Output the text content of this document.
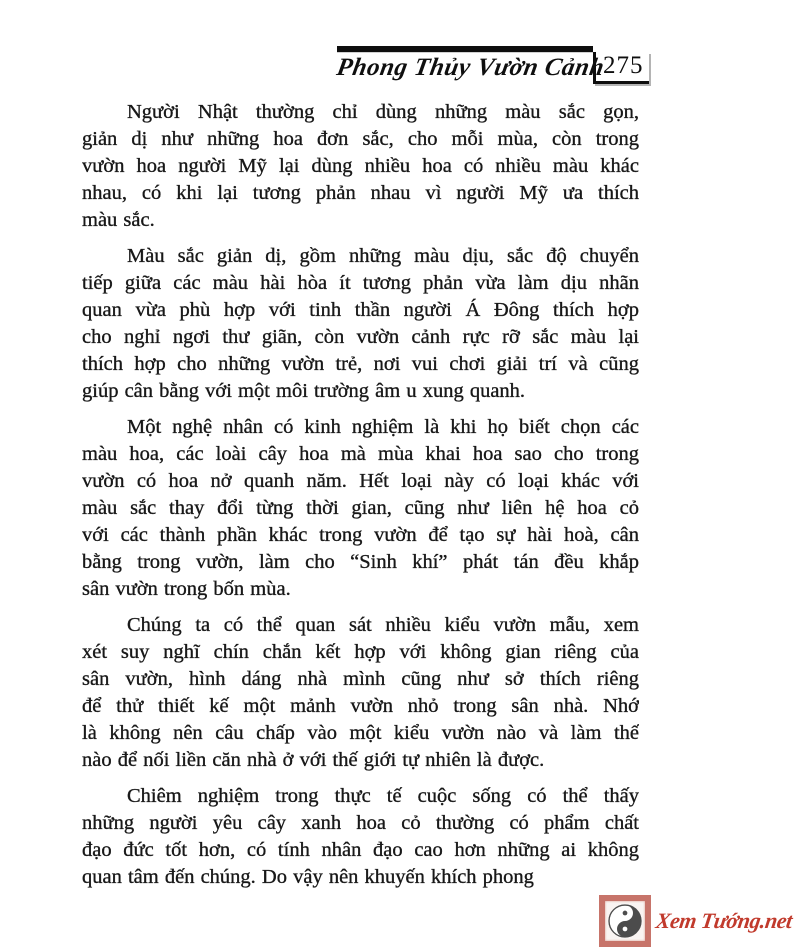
Phong Thủy Vườn Cảnh
275

Người Nhật thường chỉ dùng những màu sắc gọn,
giản dị như những hoa đơn sắc, cho mỗi mùa, còn trong
vườn hoa người Mỹ lại dùng nhiều hoa có nhiều màu khác
nhau, có khi lại tương phản nhau vì người Mỹ ưa thích
màu sắc.

Màu sắc giản dị, gồm những màu dịu, sắc độ chuyển
tiếp giữa các màu hài hòa ít tương phản vừa làm dịu nhãn
quan vừa phù hợp với tinh thần người Á Đông thích hợp
cho nghỉ ngơi thư giãn, còn vườn cảnh rực rỡ sắc màu lại
thích hợp cho những vườn trẻ, nơi vui chơi giải trí và cũng
giúp cân bằng với một môi trường âm u xung quanh.

Một nghệ nhân có kinh nghiệm là khi họ biết chọn các
màu hoa, các loài cây hoa mà mùa khai hoa sao cho trong
vườn có hoa nở quanh năm. Hết loại này có loại khác với
màu sắc thay đổi từng thời gian, cũng như liên hệ hoa cỏ
với các thành phần khác trong vườn để tạo sự hài hoà, cân
bằng trong vườn, làm cho “Sinh khí” phát tán đều khắp
sân vườn trong bốn mùa.

Chúng ta có thể quan sát nhiều kiểu vườn mẫu, xem
xét suy nghĩ chín chắn kết hợp với không gian riêng của
sân vườn, hình dáng nhà mình cũng như sở thích riêng
để thử thiết kế một mảnh vườn nhỏ trong sân nhà. Nhớ
là không nên câu chấp vào một kiểu vườn nào và làm thế
nào để nối liền căn nhà ở với thế giới tự nhiên là được.

Chiêm nghiệm trong thực tế cuộc sống có thể thấy
những người yêu cây xanh hoa cỏ thường có phẩm chất
đạo đức tốt hơn, có tính nhân đạo cao hơn những ai không
quan tâm đến chúng. Do vậy nên khuyến khích phong

Xem Tướng.net
